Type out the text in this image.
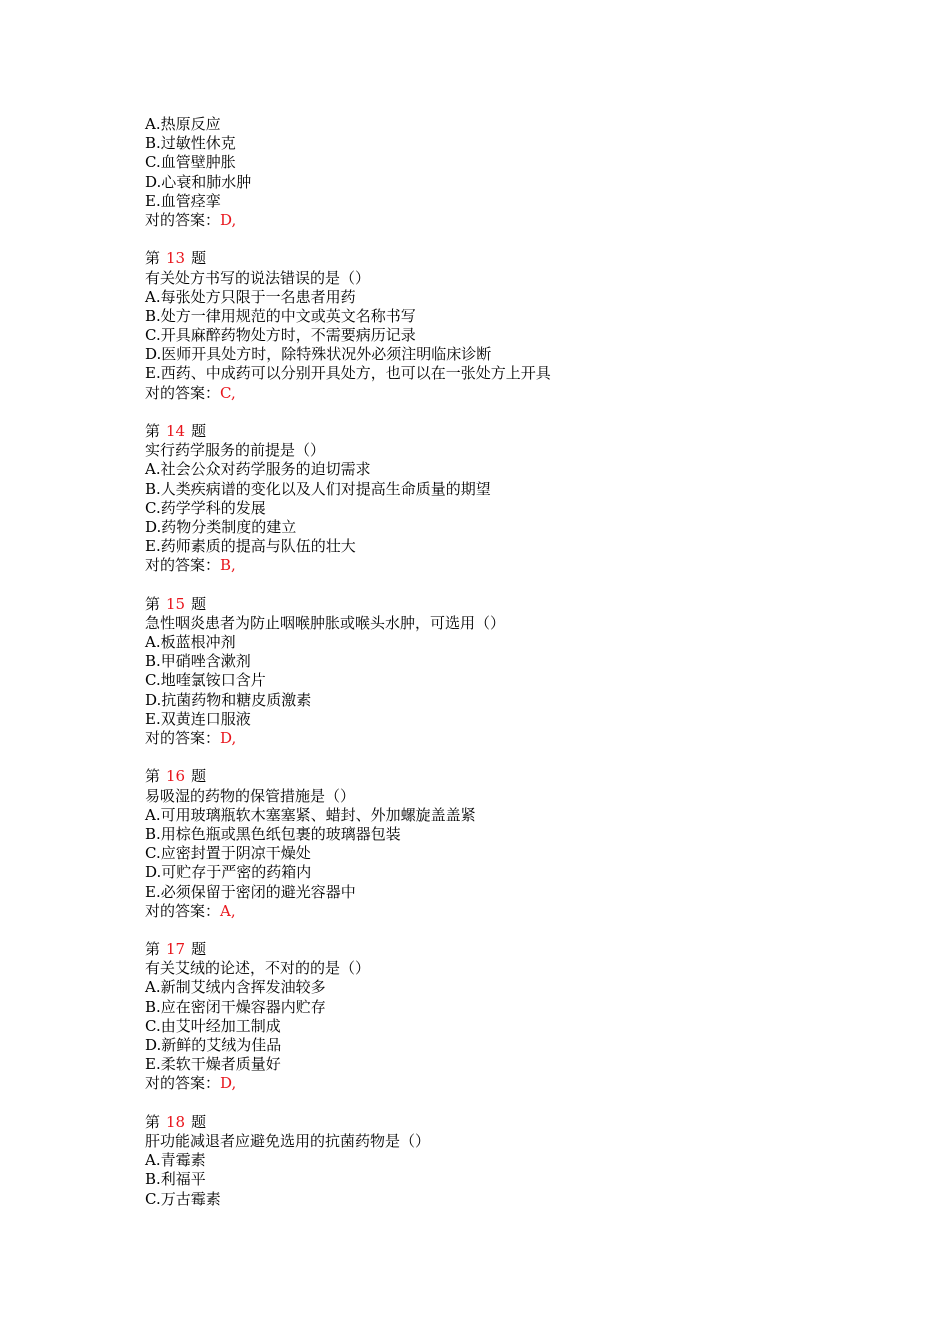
A.热原反应
B.过敏性休克
C.血管壁肿胀
D.心衰和肺水肿
E.血管痉挛
对的答案：D,
第 13 题
有关处方书写的说法错误的是（）
A.每张处方只限于一名患者用药
B.处方一律用规范的中文或英文名称书写
C.开具麻醉药物处方时，不需要病历记录
D.医师开具处方时，除特殊状况外必须注明临床诊断
E.西药、中成药可以分别开具处方，也可以在一张处方上开具
对的答案：C,
第 14 题
实行药学服务的前提是（）
A.社会公众对药学服务的迫切需求
B.人类疾病谱的变化以及人们对提高生命质量的期望
C.药学学科的发展
D.药物分类制度的建立
E.药师素质的提高与队伍的壮大
对的答案：B,
第 15 题
急性咽炎患者为防止咽喉肿胀或喉头水肿，可选用（）
A.板蓝根冲剂
B.甲硝唑含漱剂
C.地喹氯铵口含片
D.抗菌药物和糖皮质激素
E.双黄连口服液
对的答案：D,
第 16 题
易吸湿的药物的保管措施是（）
A.可用玻璃瓶软木塞塞紧、蜡封、外加螺旋盖盖紧
B.用棕色瓶或黑色纸包裹的玻璃器包装
C.应密封置于阴凉干燥处
D.可贮存于严密的药箱内
E.必须保留于密闭的避光容器中
对的答案：A,
第 17 题
有关艾绒的论述，不对的的是（）
A.新制艾绒内含挥发油较多
B.应在密闭干燥容器内贮存
C.由艾叶经加工制成
D.新鲜的艾绒为佳品
E.柔软干燥者质量好
对的答案：D,
第 18 题
肝功能减退者应避免选用的抗菌药物是（）
A.青霉素
B.利福平
C.万古霉素
